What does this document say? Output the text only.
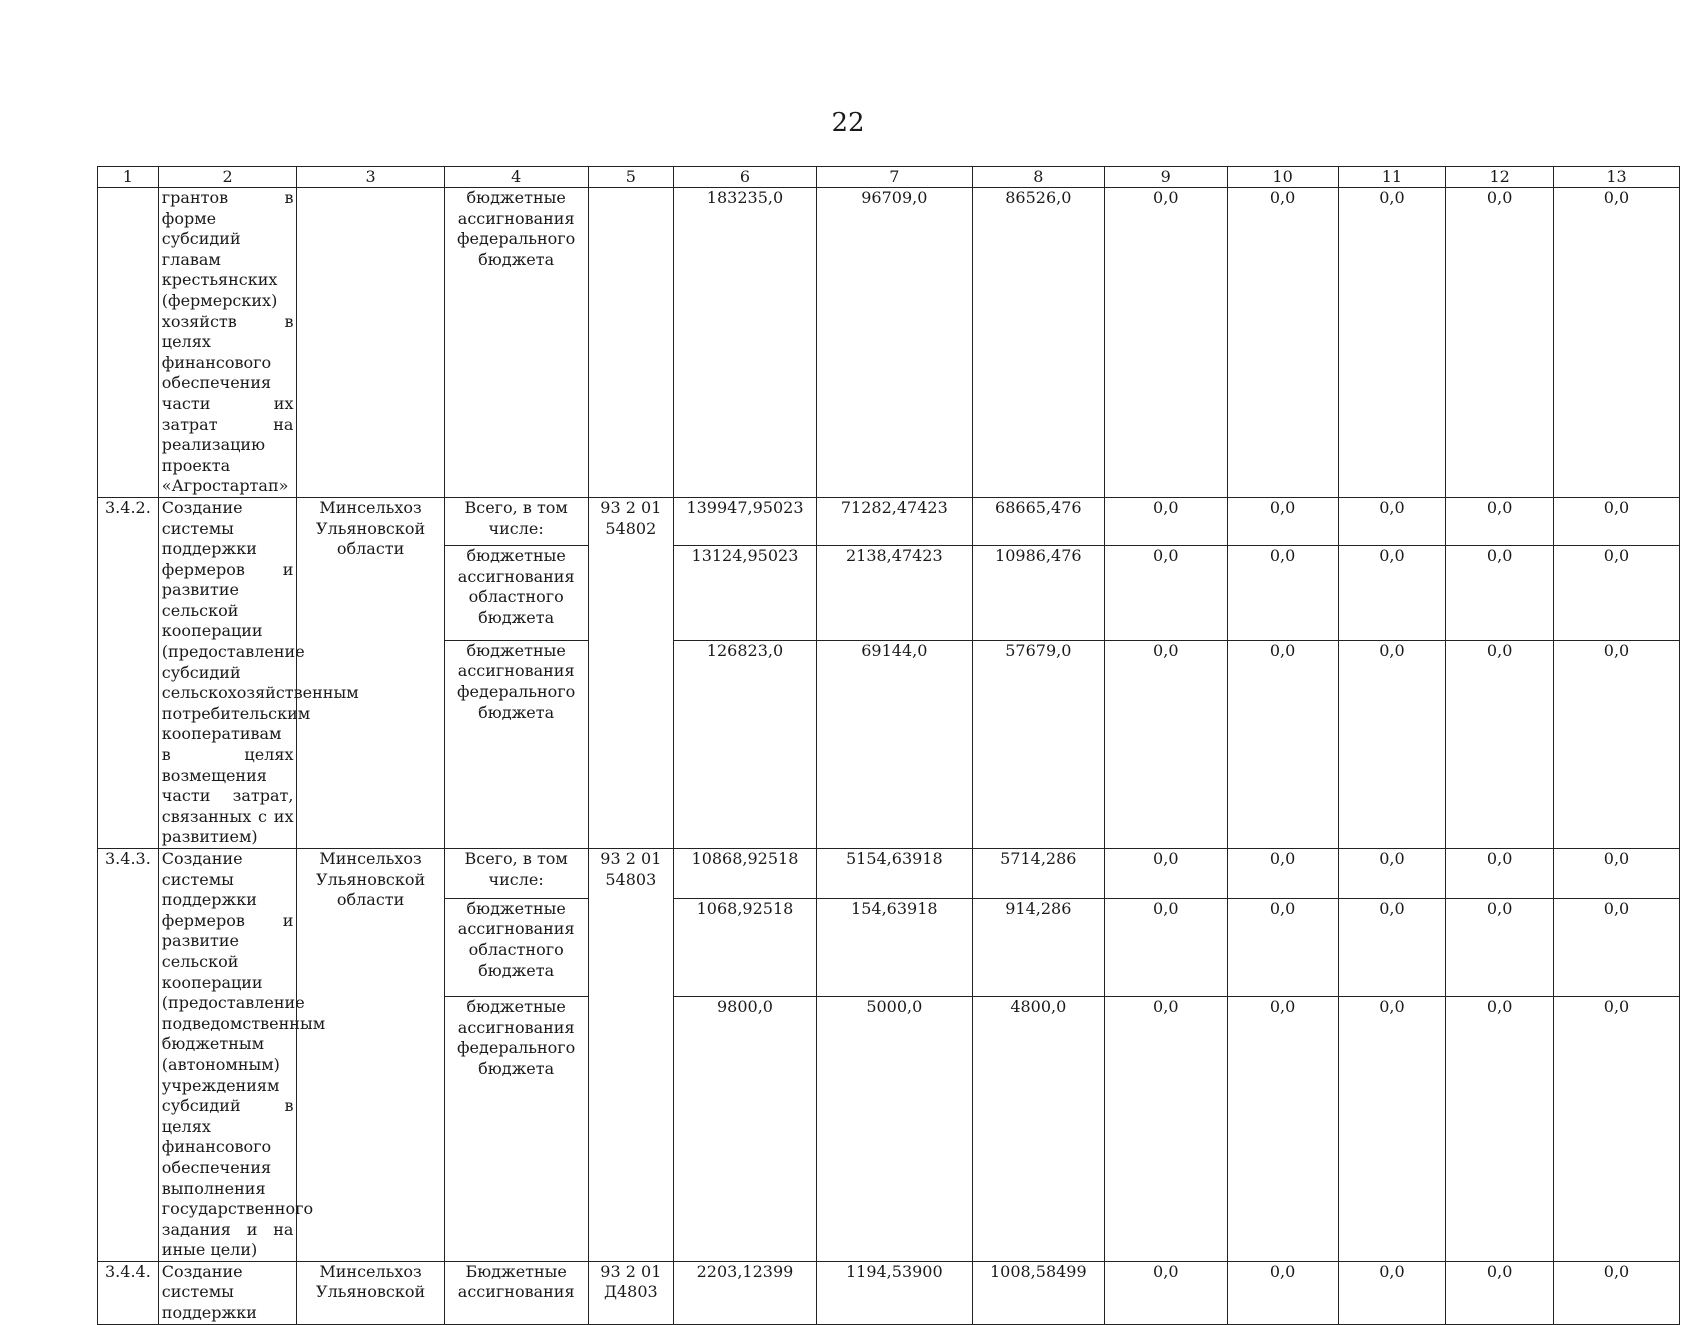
22
1	2	3	4	5	6	7	8	9	10	11	12	13
	грантов в форме субсидий главам крестьянских (фермерских) хозяйств в целях финансового обеспечения части их затрат на реализацию проекта «Агростартап»		бюджетные ассигнования федерального бюджета		183235,0	96709,0	86526,0	0,0	0,0	0,0	0,0	0,0
3.4.2.	Создание системы поддержки фермеров и развитие сельской кооперации (предоставление субсидий сельскохозяйственным потребительским кооперативам в целях возмещения части затрат, связанных с их развитием)	Минсельхоз Ульяновской области	Всего, в том числе:	93 2 01 54802	139947,95023	71282,47423	68665,476	0,0	0,0	0,0	0,0	0,0
			бюджетные ассигнования областного бюджета		13124,95023	2138,47423	10986,476	0,0	0,0	0,0	0,0	0,0
			бюджетные ассигнования федерального бюджета		126823,0	69144,0	57679,0	0,0	0,0	0,0	0,0	0,0
3.4.3.	Создание системы поддержки фермеров и развитие сельской кооперации (предоставление подведомственным бюджетным (автономным) учреждениям субсидий в целях финансового обеспечения выполнения государственного задания и на иные цели)	Минсельхоз Ульяновской области	Всего, в том числе:	93 2 01 54803	10868,92518	5154,63918	5714,286	0,0	0,0	0,0	0,0	0,0
			бюджетные ассигнования областного бюджета		1068,92518	154,63918	914,286	0,0	0,0	0,0	0,0	0,0
			бюджетные ассигнования федерального бюджета		9800,0	5000,0	4800,0	0,0	0,0	0,0	0,0	0,0
3.4.4.	Создание системы поддержки	Минсельхоз Ульяновской	Бюджетные ассигнования	93 2 01 Д4803	2203,12399	1194,53900	1008,58499	0,0	0,0	0,0	0,0	0,0
